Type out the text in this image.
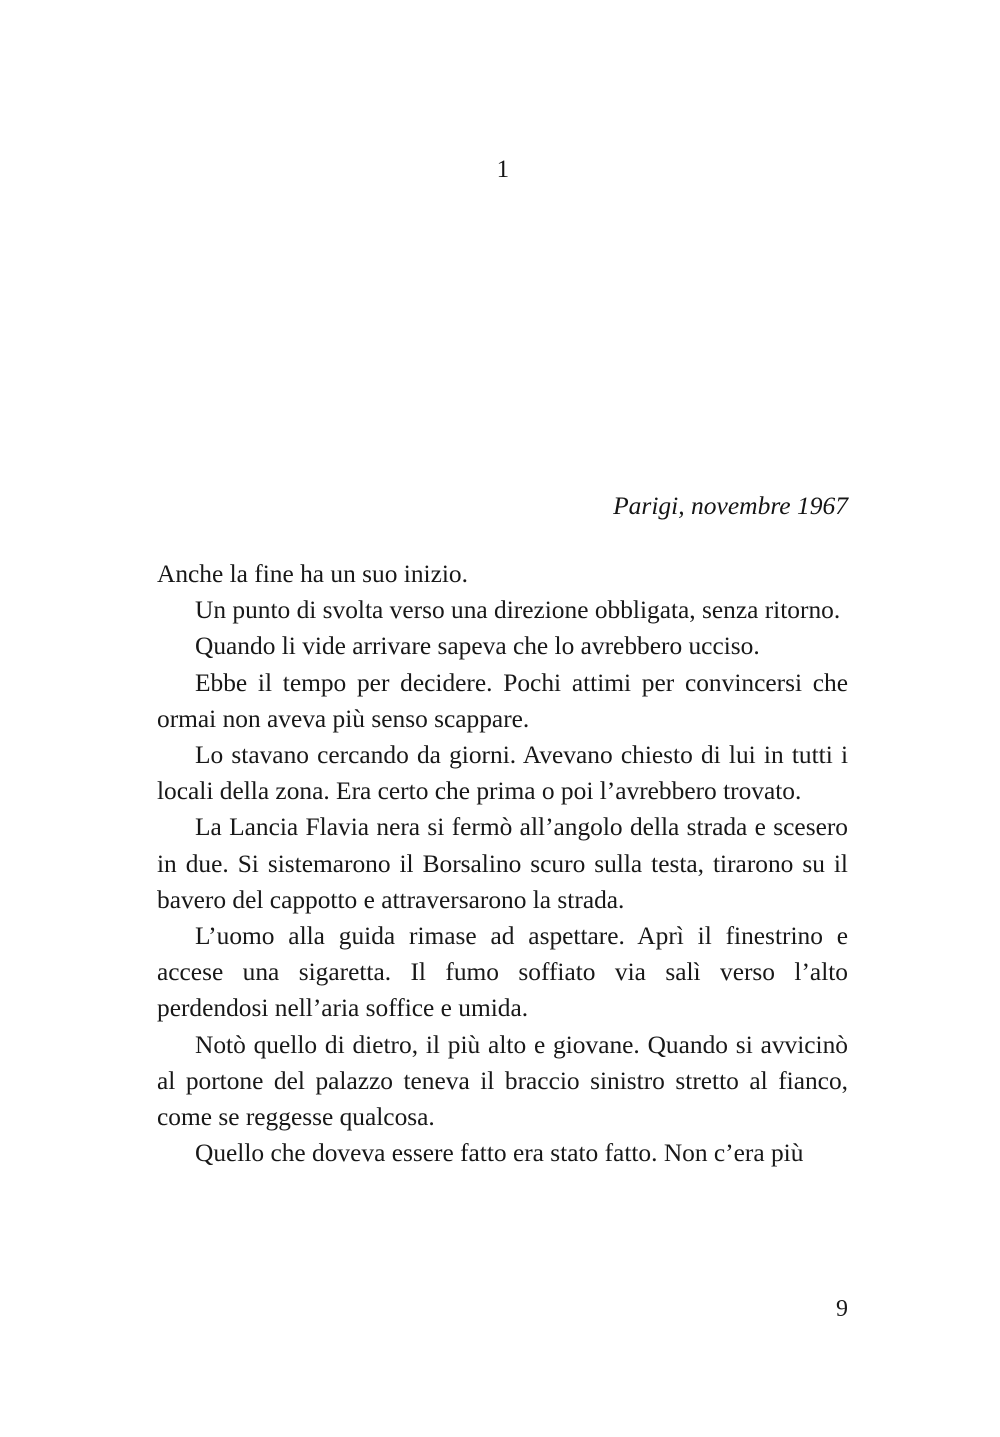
1
Parigi, novembre 1967

Anche la fine ha un suo inizio.

Un punto di svolta verso una direzione obbligata, senza ritorno.

Quando li vide arrivare sapeva che lo avrebbero ucciso.

Ebbe il tempo per decidere. Pochi attimi per convincersi che ormai non aveva più senso scappare.

Lo stavano cercando da giorni. Avevano chiesto di lui in tutti i locali della zona. Era certo che prima o poi l’avrebbero trovato.

La Lancia Flavia nera si fermò all’angolo della strada e scesero in due. Si sistemarono il Borsalino scuro sulla testa, tirarono su il bavero del cappotto e attraversarono la strada.

L’uomo alla guida rimase ad aspettare. Aprì il finestrino e accese una sigaretta. Il fumo soffiato via salì verso l’alto perdendosi nell’aria soffice e umida.

Notò quello di dietro, il più alto e giovane. Quando si avvicinò al portone del palazzo teneva il braccio sinistro stretto al fianco, come se reggesse qualcosa.

Quello che doveva essere fatto era stato fatto. Non c’era più

9
